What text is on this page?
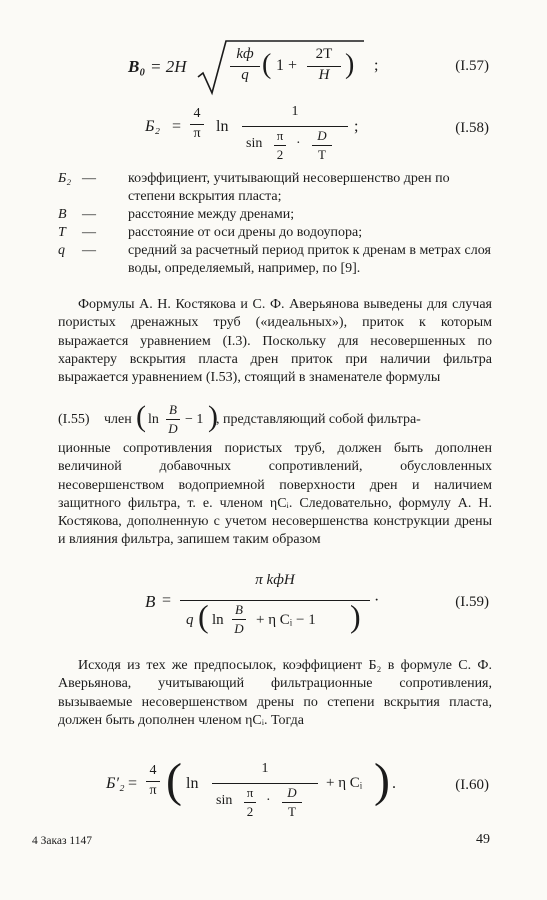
B₀ = 2H
kф
q ( 1 +
2T
H ) ;	(I.57)
Б₂ =
4
π ln
1
sin
π
2
·
D
T
;	(I.58)
Б₂ — коэффициент, учитывающий несовершенство дрен по степени вскрытия пласта;
B — расстояние между дренами;
T — расстояние от оси дрены до водоупора;
q — средний за расчетный период приток к дренам в метрах слоя воды, определяемый, например, по [9].
Формулы А. Н. Костякова и С. Ф. Аверьянова выведены для случая пористых дренажных труб («идеальных»), приток к которым выражается уравнением (I.3). Поскольку для несовершенных по характеру вскрытия пласта дрен приток при наличии фильтра выражается уравнением (I.53), стоящий в знаменателе формулы
(I.55) член ( ln
B
D
− 1 )
, представляющий собой фильтра-
ционные сопротивления пористых труб, должен быть дополнен величиной добавочных сопротивлений, обусловленных несовершенством водоприемной поверхности дрен и наличием защитного фильтра, т. е. членом ηCᵢ. Следовательно, формулу А. Н. Костякова, дополненную с учетом несовершенства конструкции дрены и влияния фильтра, запишем таким образом
B =
π kфH
q ( ln
B
D
+ η Cᵢ − 1 ) ·	(I.59)
Исходя из тех же предпосылок, коэффициент Б₂ в формуле С. Ф. Аверьянова, учитывающий фильтрационные сопротивления, вызываемые несовершенством дрены по степени вскрытия пласта, должен быть дополнен членом ηCᵢ. Тогда
Б′₂ =
4
π ( ln
1
sin
π
2
·
D
T
+ η Cᵢ ) .	(I.60)
4 Заказ 1147	49
